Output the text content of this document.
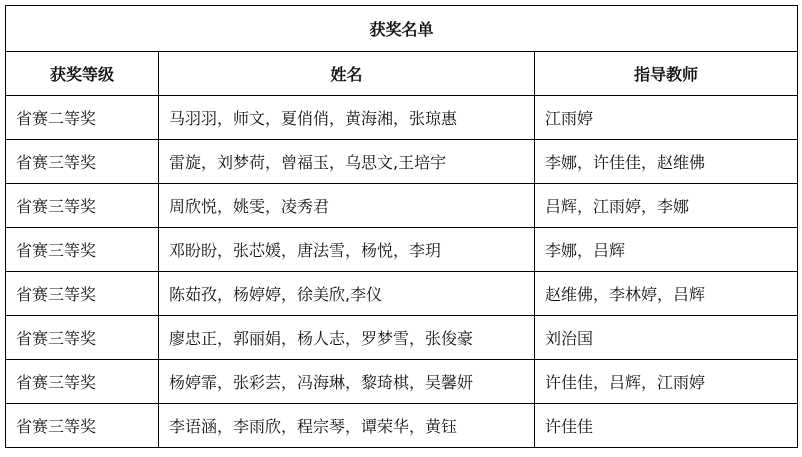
获奖名单		
获奖等级	姓名	指导教师
省赛二等奖	马羽羽，师文，夏俏俏，黄海湘，张琼惠	江雨婷
省赛三等奖	雷旋，刘梦荷，曾福玉，乌思文,王培宇	李娜，许佳佳，赵维佛
省赛三等奖	周欣悦，姚雯，凌秀君	吕辉，江雨婷，李娜
省赛三等奖	邓盼盼，张芯媛，唐法雪，杨悦，李玥	李娜，吕辉
省赛三等奖	陈茹孜，杨婷婷，徐美欣,李仪	赵维佛，李林婷，吕辉
省赛三等奖	廖忠正，郭丽娟，杨人志，罗梦雪，张俊豪	刘治国
省赛三等奖	杨婷霏，张彩芸，冯海琳，黎琦棋，吴馨妍	许佳佳，吕辉，江雨婷
省赛三等奖	李语涵，李雨欣，程宗琴，谭荣华，黄钰	许佳佳
